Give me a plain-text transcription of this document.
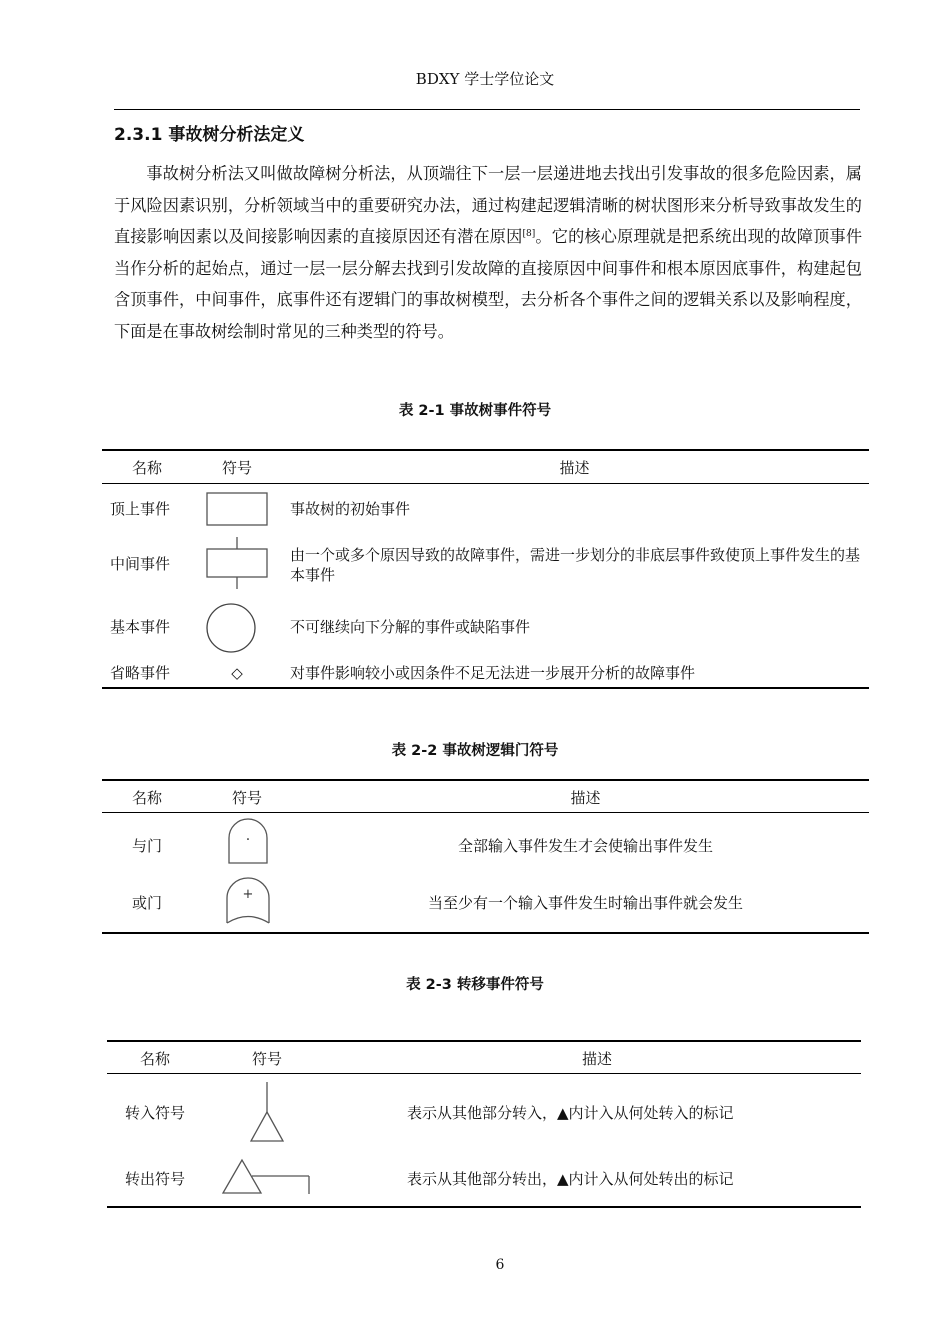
BDXY 学士学位论文
2.3.1 事故树分析法定义

事故树分析法又叫做故障树分析法，从顶端往下一层一层递进地去找出引发事故的很多危险因素，属于风险因素识别，分析领域当中的重要研究办法，通过构建起逻辑清晰的树状图形来分析导致事故发生的直接影响因素以及间接影响因素的直接原因还有潜在原因[8]。它的核心原理就是把系统出现的故障顶事件当作分析的起始点，通过一层一层分解去找到引发故障的直接原因中间事件和根本原因底事件，构建起包含顶事件，中间事件，底事件还有逻辑门的事故树模型，去分析各个事件之间的逻辑关系以及影响程度，下面是在事故树绘制时常见的三种类型的符号。

表 2-1 事故树事件符号
名称	符号	描述
顶上事件	事故树的初始事件
中间事件	由一个或多个原因导致的故障事件，需进一步划分的非底层事件致使顶上事件发生的基本事件
基本事件	不可继续向下分解的事件或缺陷事件
省略事件	◇	对事件影响较小或因条件不足无法进一步展开分析的故障事件
表 2-2 事故树逻辑门符号
名称	符号	描述
与门	·	全部输入事件发生才会使输出事件发生
或门	+	当至少有一个输入事件发生时输出事件就会发生
表 2-3 转移事件符号
名称	符号	描述
转入符号	表示从其他部分转入，▲内计入从何处转入的标记
转出符号	表示从其他部分转出，▲内计入从何处转出的标记
6
